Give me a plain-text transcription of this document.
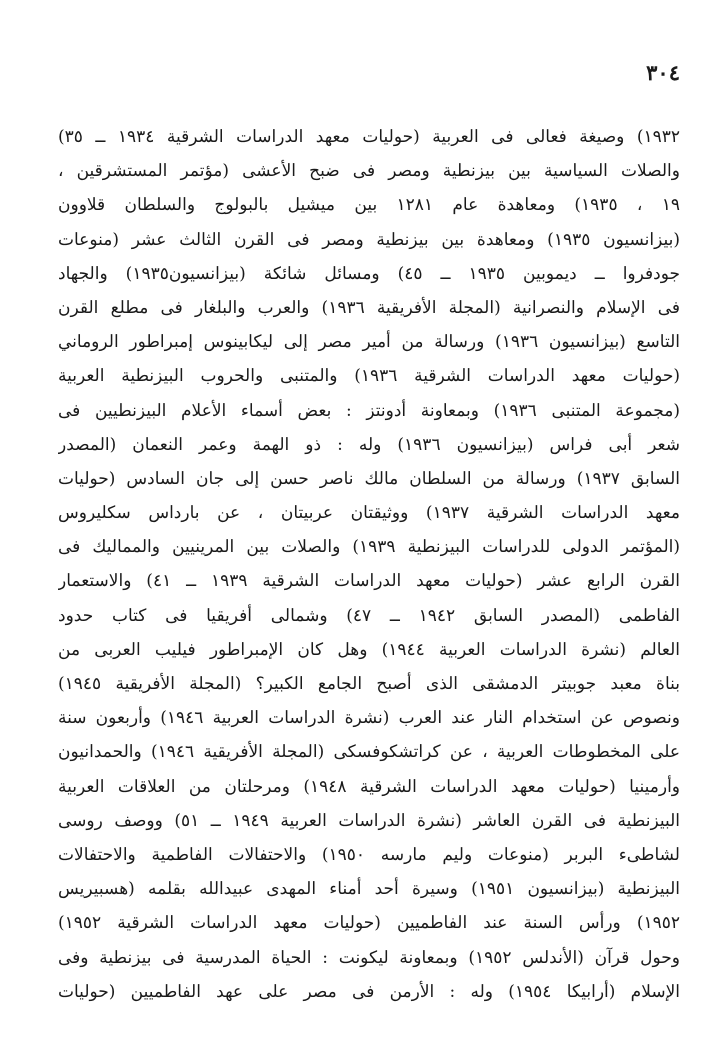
٣٠٤
١٩٣٢) وصيغة فعالى فى العربية (حوليات معهد الدراسات الشرقية ١٩٣٤ ــ ٣٥)
والصلات السياسية بين بيزنطية ومصر فى ضبح الأعشى (مؤتمر المستشرقين ،
١٩ ، ١٩٣٥) ومعاهدة عام ١٢٨١ بين ميشيل بالبولوج والسلطان قلاوون
(بيزانسيون ١٩٣٥) ومعاهدة بين بيزنطية ومصر فى القرن الثالث عشر (منوعات
جودفروا ــ ديموبين ١٩٣٥ ــ ٤٥) ومسائل شائكة (بيزانسيون١٩٣٥) والجهاد
فى الإسلام والنصرانية (المجلة الأفريقية ١٩٣٦) والعرب والبلغار فى مطلع القرن
التاسع (بيزانسيون ١٩٣٦) ورسالة من أمير مصر إلى ليكابينوس إمبراطور الروماني
(حوليات معهد الدراسات الشرقية ١٩٣٦) والمتنبى والحروب البيزنطية العربية
(مجموعة المتنبى ١٩٣٦) وبمعاونة أدونتز : بعض أسماء الأعلام البيزنطيين فى
شعر أبى فراس (بيزانسيون ١٩٣٦) وله : ذو الهمة وعمر النعمان (المصدر
السابق ١٩٣٧) ورسالة من السلطان مالك ناصر حسن إلى جان السادس (حوليات
معهد الدراسات الشرقية ١٩٣٧) ووثيقتان عربيتان ، عن بارداس سكليروس
(المؤتمر الدولى للدراسات البيزنطية ١٩٣٩) والصلات بين المرينيين والمماليك فى
القرن الرابع عشر (حوليات معهد الدراسات الشرقية ١٩٣٩ ــ ٤١) والاستعمار
الفاطمى (المصدر السابق ١٩٤٢ ــ ٤٧) وشمالى أفريقيا فى كتاب حدود
العالم (نشرة الدراسات العربية ١٩٤٤) وهل كان الإمبراطور فيليب العربى من
بناة معبد جوبيتر الدمشقى الذى أصبح الجامع الكبير؟ (المجلة الأفريقية ١٩٤٥)
ونصوص عن استخدام النار عند العرب (نشرة الدراسات العربية ١٩٤٦) وأربعون سنة
على المخطوطات العربية ، عن كراتشكوفسكى (المجلة الأفريقية ١٩٤٦) والحمدانيون
وأرمينيا (حوليات معهد الدراسات الشرقية ١٩٤٨) ومرحلتان من العلاقات العربية
البيزنطية فى القرن العاشر (نشرة الدراسات العربية ١٩٤٩ ــ ٥١) ووصف روسى
لشاطىء البربر (منوعات وليم مارسه ١٩٥٠) والاحتفالات الفاطمية والاحتفالات
البيزنطية (بيزانسيون ١٩٥١) وسيرة أحد أمناء المهدى عبيدالله بقلمه (هسبيريس
١٩٥٢) ورأس السنة عند الفاطميين (حوليات معهد الدراسات الشرقية ١٩٥٢)
وحول قرآن (الأندلس ١٩٥٢) وبمعاونة ليكونت : الحياة المدرسية فى بيزنطية وفى
الإسلام (أرابيكا ١٩٥٤) وله : الأرمن فى مصر على عهد الفاطميين (حوليات
